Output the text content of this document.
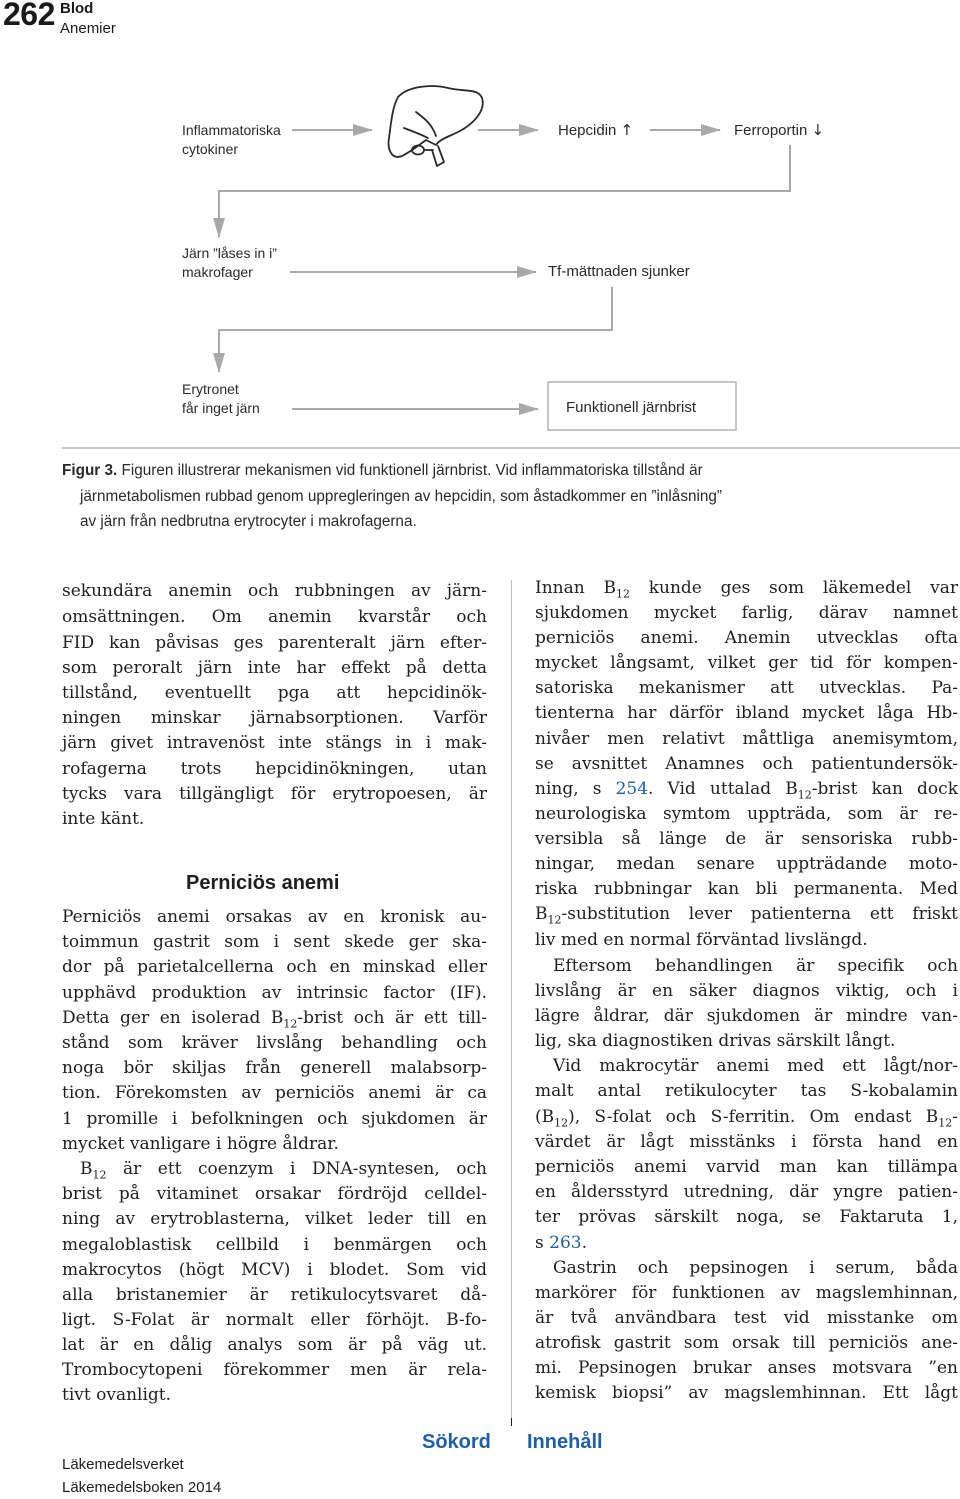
262 Blod
Anemier
Inflammatoriska
cytokiner
Hepcidin ↑	Ferroportin ↓
Järn ”låses in i”
makrofager	Tf-mättnaden sjunker
Erytronet
får inget järn	Funktionell järnbrist
Figur 3. Figuren illustrerar mekanismen vid funktionell järnbrist. Vid inflammatoriska tillstånd är
järnmetabolismen rubbad genom uppregleringen av hepcidin, som åstadkommer en ”inlåsning”
av järn från nedbrutna erytrocyter i makrofagerna.
sekundära anemin och rubbningen av järn-
omsättningen. Om anemin kvarstår och
FID kan påvisas ges parenteralt järn efter-
som peroralt järn inte har effekt på detta
tillstånd, eventuellt pga att hepcidinök-
ningen minskar järnabsorptionen. Varför
järn givet intravenöst inte stängs in i mak-
rofagerna trots hepcidinökningen, utan
tycks vara tillgängligt för erytropoesen, är
inte känt.
Perniciös anemi
Perniciös anemi orsakas av en kronisk au-
toimmun gastrit som i sent skede ger ska-
dor på parietalcellerna och en minskad eller
upphävd produktion av intrinsic factor (IF).
Detta ger en isolerad $B_{12}$-brist och är ett till-
stånd som kräver livslång behandling och
noga bör skiljas från generell malabsorp-
tion. Förekomsten av perniciös anemi är ca
1 promille i befolkningen och sjukdomen är
mycket vanligare i högre åldrar.
$B_{12}$ är ett coenzym i DNA-syntesen, och
brist på vitaminet orsakar fördröjd celldel-
ning av erytroblasterna, vilket leder till en
megaloblastisk cellbild i benmärgen och
makrocytos (högt MCV) i blodet. Som vid
alla bristanemier är retikulocytsvaret då-
ligt. S-Folat är normalt eller förhöjt. B-fo-
lat är en dålig analys som är på väg ut.
Trombocytopeni förekommer men är rela-
tivt ovanligt.
Innan $B_{12}$ kunde ges som läkemedel var
sjukdomen mycket farlig, därav namnet
perniciös anemi. Anemin utvecklas ofta
mycket långsamt, vilket ger tid för kompen-
satoriska mekanismer att utvecklas. Pa-
tienterna har därför ibland mycket låga Hb-
nivåer men relativt måttliga anemisymtom,
se avsnittet Anamnes och patientundersök-
ning, s 254. Vid uttalad $B_{12}$-brist kan dock
neurologiska symtom uppträda, som är re-
versibla så länge de är sensoriska rubb-
ningar, medan senare uppträdande moto-
riska rubbningar kan bli permanenta. Med
$B_{12}$-substitution lever patienterna ett friskt
liv med en normal förväntad livslängd.
Eftersom behandlingen är specifik och
livslång är en säker diagnos viktig, och i
lägre åldrar, där sjukdomen är mindre van-
lig, ska diagnostiken drivas särskilt långt.
Vid makrocytär anemi med ett lågt/nor-
malt antal retikulocyter tas S-kobalamin
$(B_{12})$, S-folat och S-ferritin. Om endast $B_{12}-$
värdet är lågt misstänks i första hand en
perniciös anemi varvid man kan tillämpa
en åldersstyrd utredning, där yngre patien-
ter prövas särskilt noga, se Faktaruta 1,
s 263.
Gastrin och pepsinogen i serum, båda
markörer för funktionen av magslemhinnan,
är två användbara test vid misstanke om
atrofisk gastrit som orsak till perniciös ane-
mi. Pepsinogen brukar anses motsvara ”en
kemisk biopsi” av magslemhinnan. Ett lågt
Sökord Innehåll
Läkemedelsverket
Läkemedelsboken 2014
